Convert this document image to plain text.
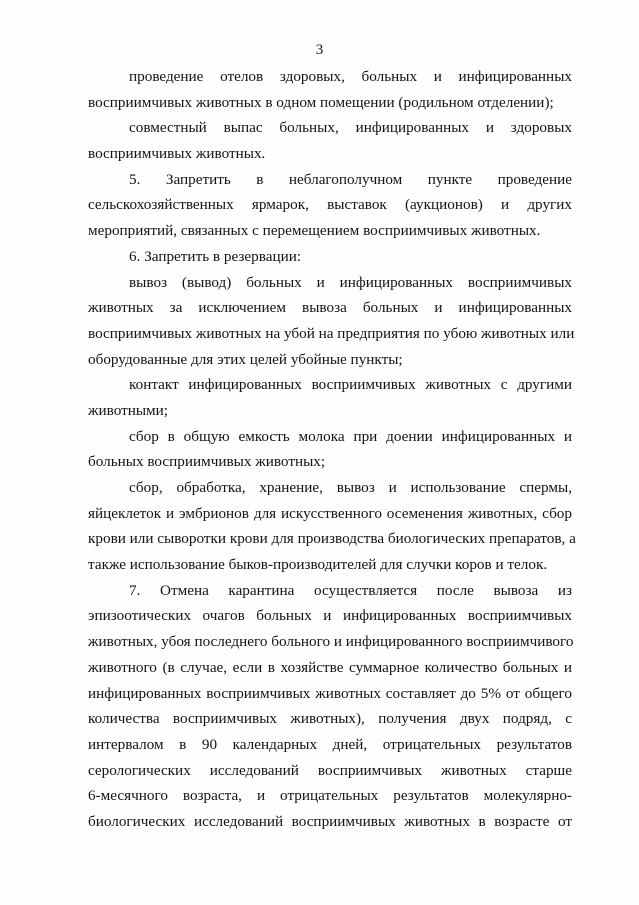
3
проведение отелов здоровых, больных и инфицированных
восприимчивых животных в одном помещении (родильном отделении);
совместный выпас больных, инфицированных и здоровых
восприимчивых животных.
5. Запретить в неблагополучном пункте проведение
сельскохозяйственных ярмарок, выставок (аукционов) и других
мероприятий, связанных с перемещением восприимчивых животных.
6. Запретить в резервации:
вывоз (вывод) больных и инфицированных восприимчивых
животных за исключением вывоза больных и инфицированных
восприимчивых животных на убой на предприятия по убою животных или
оборудованные для этих целей убойные пункты;
контакт инфицированных восприимчивых животных с другими
животными;
сбор в общую емкость молока при доении инфицированных и
больных восприимчивых животных;
сбор, обработка, хранение, вывоз и использование спермы,
яйцеклеток и эмбрионов для искусственного осеменения животных, сбор
крови или сыворотки крови для производства биологических препаратов, а
также использование быков-производителей для случки коров и телок.
7. Отмена карантина осуществляется после вывоза из
эпизоотических очагов больных и инфицированных восприимчивых
животных, убоя последнего больного и инфицированного восприимчивого
животного (в случае, если в хозяйстве суммарное количество больных и
инфицированных восприимчивых животных составляет до 5% от общего
количества восприимчивых животных), получения двух подряд, с
интервалом в 90 календарных дней, отрицательных результатов
серологических исследований восприимчивых животных старше
6-месячного возраста, и отрицательных результатов молекулярно-
биологических исследований восприимчивых животных в возрасте от
